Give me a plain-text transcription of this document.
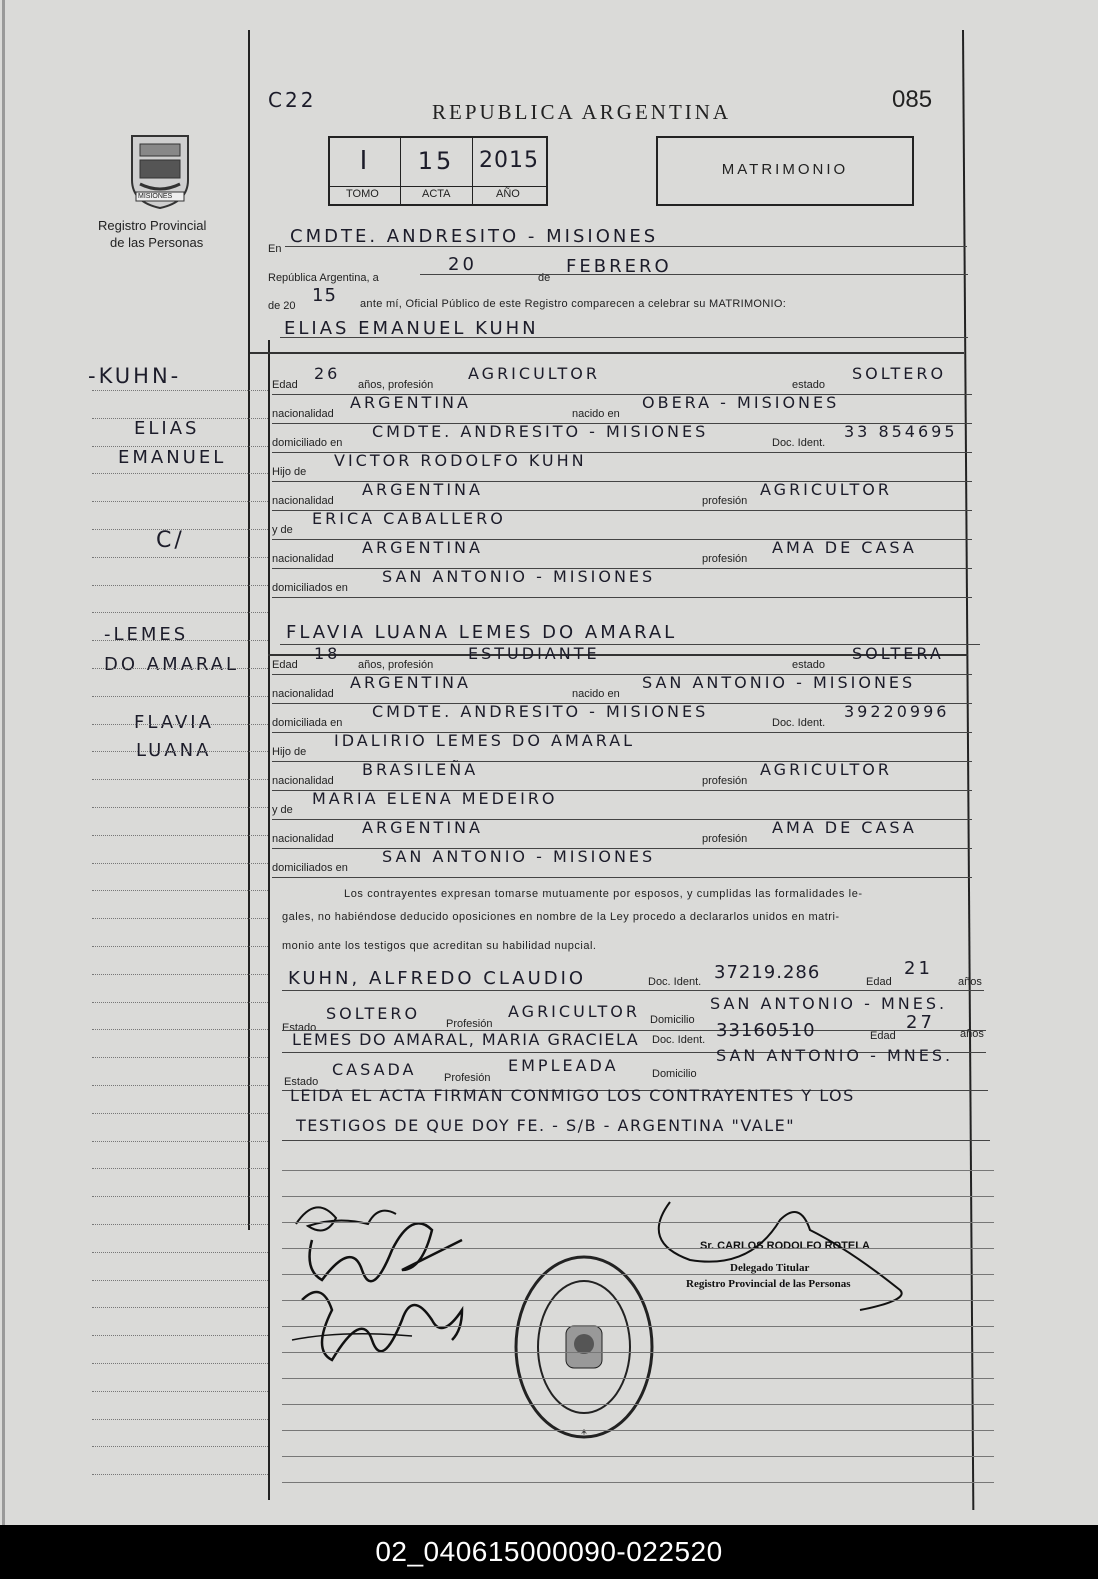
C22	REPUBLICA ARGENTINA	085
MISIONES
Registro Provincial
de las Personas
I	15	2015
TOMO	ACTA	AÑO
MATRIMONIO
-KUHN-
ELIAS
EMANUEL
C/
-LEMES
DO AMARAL
FLAVIA
LUANA
En
CMDTE. ANDRESITO - MISIONES
República Argentina, a
20
de
FEBRERO
de 20 15 ante mí, Oficial Público de este Registro comparecen a celebrar su MATRIMONIO:
ELIAS EMANUEL KUHN
Edad
26
años, profesión
AGRICULTOR
estado
SOLTERO
nacionalidad
ARGENTINA
nacido en
OBERA - MISIONES
domiciliado en
CMDTE. ANDRESITO - MISIONES
Doc. Ident.
33 854695
Hijo de
VICTOR RODOLFO KUHN
nacionalidad
ARGENTINA
profesión
AGRICULTOR
y de
ERICA CABALLERO
nacionalidad
ARGENTINA
profesión
AMA DE CASA
domiciliados en
SAN ANTONIO - MISIONES
FLAVIA LUANA LEMES DO AMARAL
Edad
18
años, profesión
ESTUDIANTE
estado
SOLTERA
nacionalidad
ARGENTINA
nacido en
SAN ANTONIO - MISIONES
domiciliada en
CMDTE. ANDRESITO - MISIONES
Doc. Ident.
39220996
Hijo de
IDALIRIO LEMES DO AMARAL
nacionalidad
BRASILEÑA
profesión
AGRICULTOR
y de
MARIA ELENA MEDEIRO
nacionalidad
ARGENTINA
profesión
AMA DE CASA
domiciliados en
SAN ANTONIO - MISIONES
Los contrayentes expresan tomarse mutuamente por esposos, y cumplidas las formalidades le-
gales, no habiéndose deducido oposiciones en nombre de la Ley procedo a declararlos unidos en matri-
monio ante los testigos que acreditan su habilidad nupcial.
KUHN, ALFREDO CLAUDIO	Doc. Ident. 37219.286	Edad
21
años
Estado
SOLTERO
Profesión
AGRICULTOR Domicilio
SAN ANTONIO - MNES.
LEMES DO AMARAL, MARIA GRACIELA Doc. Ident. 33160510	Edad
27
años
Estado
CASADA	Profesión
EMPLEADA	Domicilio
SAN ANTONIO - MNES.
LEIDA EL ACTA FIRMAN CONMIGO LOS CONTRAYENTES Y LOS
TESTIGOS DE QUE DOY FE. - S/B - ARGENTINA "VALE"
*
Sr. CARLOS RODOLFO ROTELA
Delegado Titular
Registro Provincial de las Personas
02_040615000090-022520
